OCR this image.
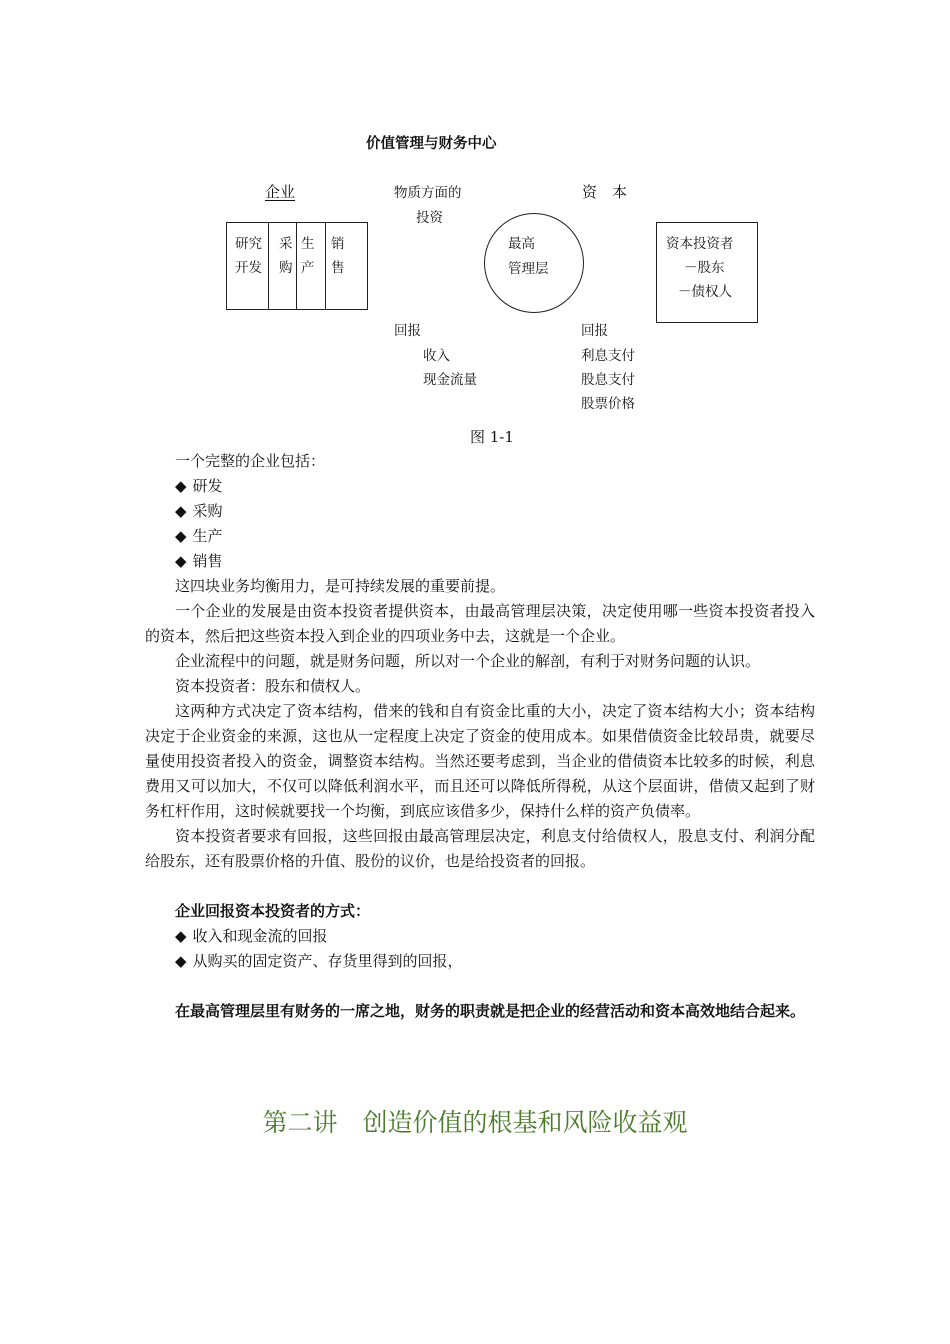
价值管理与财务中心
企业	物质方面的
投资
资　本
研究
开发
采
购
生
产
销
售
最高
管理层
资本投资者
－股东
－债权人
回报
收入
现金流量
回报
利息支付
股息支付
股票价格
图 1-1

一个完整的企业包括：

◆ 研发

◆ 采购

◆ 生产

◆ 销售

这四块业务均衡用力，是可持续发展的重要前提。

一个企业的发展是由资本投资者提供资本，由最高管理层决策，决定使用哪一些资本投资者投入的资本，然后把这些资本投入到企业的四项业务中去，这就是一个企业。

企业流程中的问题，就是财务问题，所以对一个企业的解剖，有利于对财务问题的认识。

资本投资者：股东和债权人。

这两种方式决定了资本结构，借来的钱和自有资金比重的大小，决定了资本结构大小；资本结构决定于企业资金的来源，这也从一定程度上决定了资金的使用成本。如果借债资金比较昂贵，就要尽量使用投资者投入的资金，调整资本结构。当然还要考虑到，当企业的借债资本比较多的时候，利息费用又可以加大，不仅可以降低利润水平，而且还可以降低所得税，从这个层面讲，借债又起到了财务杠杆作用，这时候就要找一个均衡，到底应该借多少，保持什么样的资产负债率。

资本投资者要求有回报，这些回报由最高管理层决定，利息支付给债权人，股息支付、利润分配给股东，还有股票价格的升值、股份的议价，也是给投资者的回报。

企业回报资本投资者的方式：

◆ 收入和现金流的回报

◆ 从购买的固定资产、存货里得到的回报，

在最高管理层里有财务的一席之地，财务的职责就是把企业的经营活动和资本高效地结合起来。

第二讲　创造价值的根基和风险收益观
